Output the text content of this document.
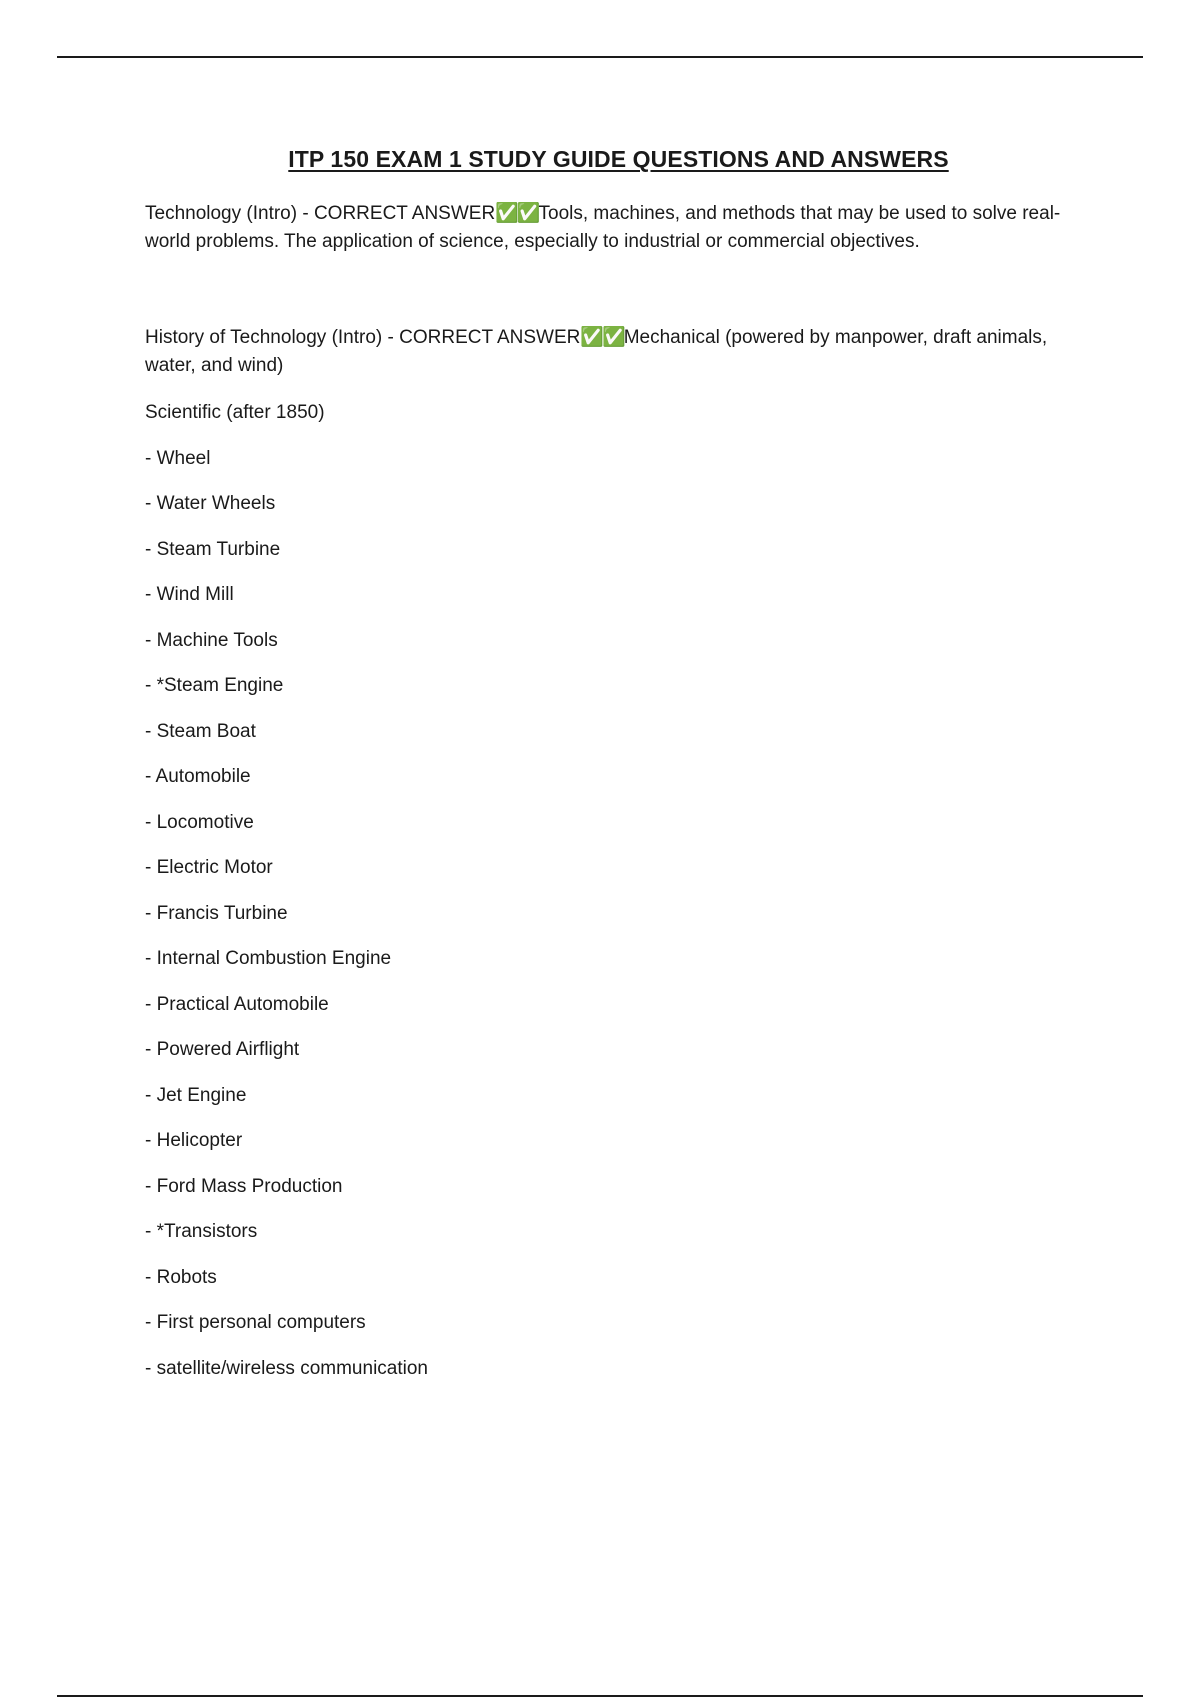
ITP 150 EXAM 1 STUDY GUIDE QUESTIONS AND ANSWERS

Technology (Intro) - CORRECT ANSWER✅✅Tools, machines, and methods that may be used to solve real-world problems. The application of science, especially to industrial or commercial objectives.

History of Technology (Intro) - CORRECT ANSWER✅✅Mechanical (powered by manpower, draft animals, water, and wind)

Scientific (after 1850)
- Wheel
- Water Wheels
- Steam Turbine
- Wind Mill
- Machine Tools
- *Steam Engine
- Steam Boat
- Automobile
- Locomotive
- Electric Motor
- Francis Turbine
- Internal Combustion Engine
- Practical Automobile
- Powered Airflight
- Jet Engine
- Helicopter
- Ford Mass Production
- *Transistors
- Robots
- First personal computers
- satellite/wireless communication
